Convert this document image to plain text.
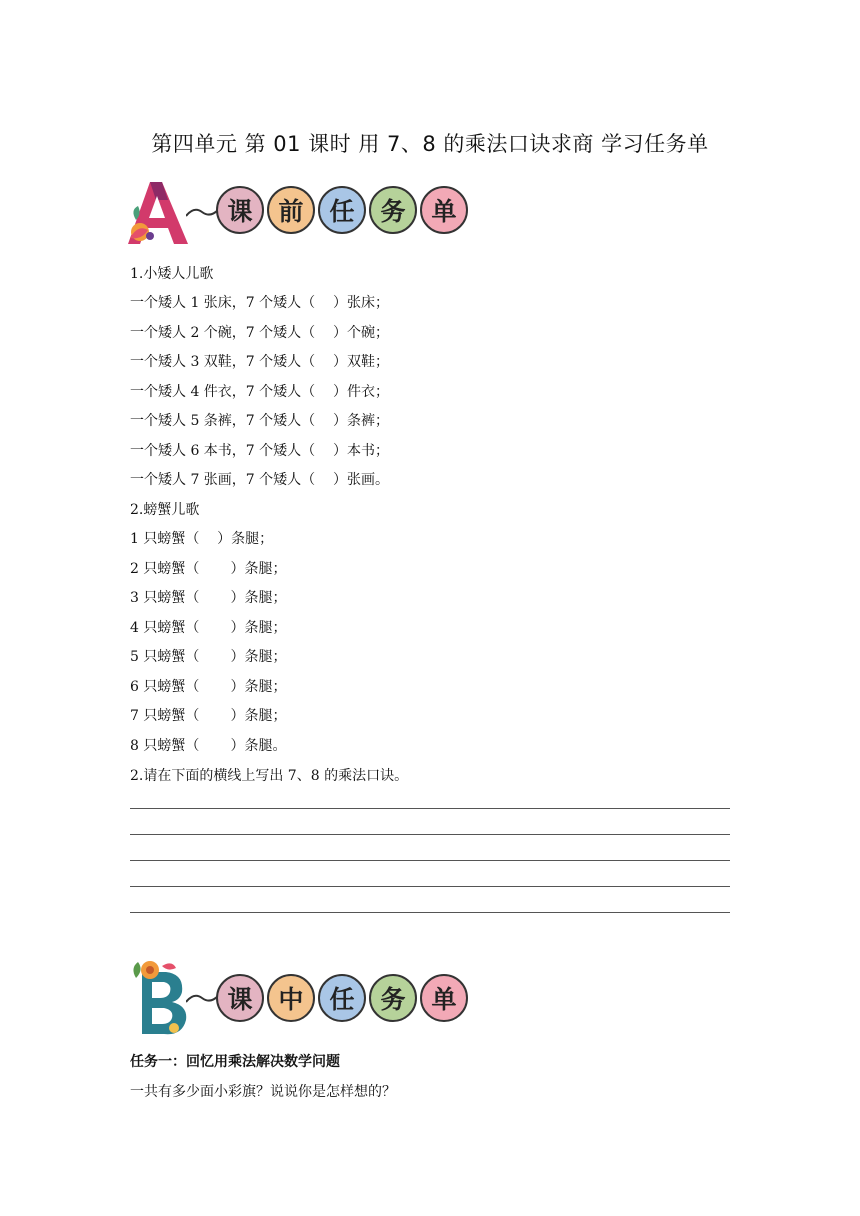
第四单元 第 01 课时 用 7、8 的乘法口诀求商 学习任务单
课	前	任	务	单
1.小矮人儿歌
一个矮人 1 张床，7 个矮人（    ）张床；
一个矮人 2 个碗，7 个矮人（    ）个碗；
一个矮人 3 双鞋，7 个矮人（    ）双鞋；
一个矮人 4 件衣，7 个矮人（    ）件衣；
一个矮人 5 条裤，7 个矮人（    ）条裤；
一个矮人 6 本书，7 个矮人（    ）本书；
一个矮人 7 张画，7 个矮人（    ）张画。
2.螃蟹儿歌
1 只螃蟹（    ）条腿；
2 只螃蟹（       ）条腿；
3 只螃蟹（       ）条腿；
4 只螃蟹（       ）条腿；
5 只螃蟹（       ）条腿；
6 只螃蟹（       ）条腿；
7 只螃蟹（       ）条腿；
8 只螃蟹（       ）条腿。
2.请在下面的横线上写出 7、8 的乘法口诀。
课	中	任	务	单
任务一：回忆用乘法解决数学问题
一共有多少面小彩旗？说说你是怎样想的？
